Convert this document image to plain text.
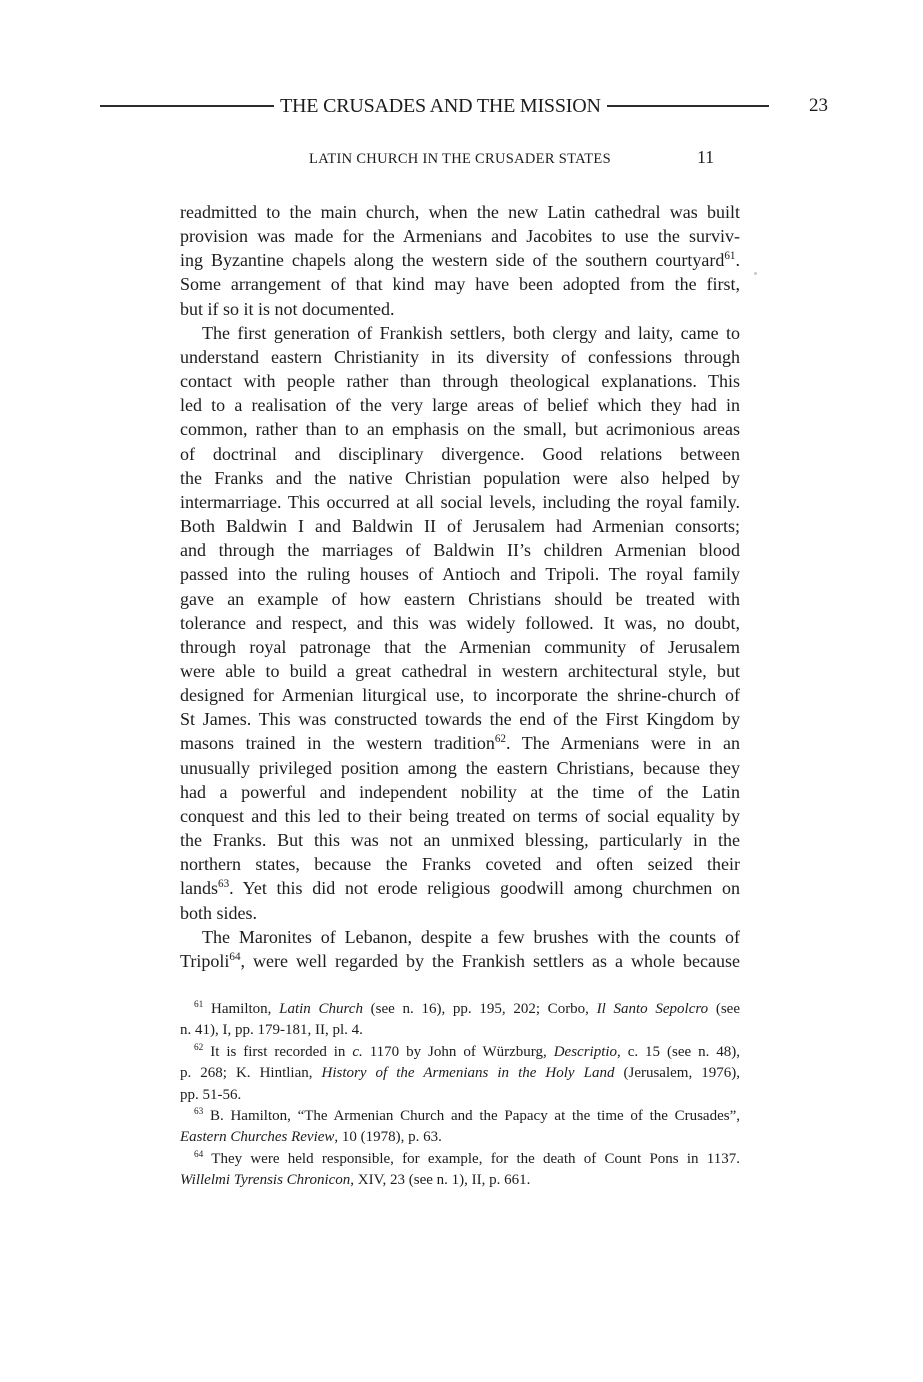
THE CRUSADES AND THE MISSION	23
LATIN CHURCH IN THE CRUSADER STATES	11
readmitted to the main church, when the new Latin cathedral was built
provision was made for the Armenians and Jacobites to use the surviv-
ing Byzantine chapels along the western side of the southern courtyard$^{61}$.
Some arrangement of that kind may have been adopted from the first,
but if so it is not documented.
The first generation of Frankish settlers, both clergy and laity, came to
understand eastern Christianity in its diversity of confessions through
contact with people rather than through theological explanations. This
led to a realisation of the very large areas of belief which they had in
common, rather than to an emphasis on the small, but acrimonious areas
of doctrinal and disciplinary divergence. Good relations between
the Franks and the native Christian population were also helped by
intermarriage. This occurred at all social levels, including the royal family.
Both Baldwin I and Baldwin II of Jerusalem had Armenian consorts;
and through the marriages of Baldwin II’s children Armenian blood
passed into the ruling houses of Antioch and Tripoli. The royal family
gave an example of how eastern Christians should be treated with
tolerance and respect, and this was widely followed. It was, no doubt,
through royal patronage that the Armenian community of Jerusalem
were able to build a great cathedral in western architectural style, but
designed for Armenian liturgical use, to incorporate the shrine-church of
St James. This was constructed towards the end of the First Kingdom by
masons trained in the western tradition$^{62}$. The Armenians were in an
unusually privileged position among the eastern Christians, because they
had a powerful and independent nobility at the time of the Latin
conquest and this led to their being treated on terms of social equality by
the Franks. But this was not an unmixed blessing, particularly in the
northern states, because the Franks coveted and often seized their
lands$^{63}$. Yet this did not erode religious goodwill among churchmen on
both sides.
The Maronites of Lebanon, despite a few brushes with the counts of
Tripoli$^{64}$, were well regarded by the Frankish settlers as a whole because
$^{61}$ Hamilton, Latin Church (see n. 16), pp. 195, 202; Corbo, Il Santo Sepolcro (see
n. 41), I, pp. 179-181, II, pl. 4.
$^{62}$ It is first recorded in c. 1170 by John of Würzburg, Descriptio, c. 15 (see n. 48),
p. 268; K. Hintlian, History of the Armenians in the Holy Land (Jerusalem, 1976),
pp. 51-56.
$^{63}$ B. Hamilton, “The Armenian Church and the Papacy at the time of the Crusades”,
Eastern Churches Review, 10 (1978), p. 63.
$^{64}$ They were held responsible, for example, for the death of Count Pons in 1137.
Willelmi Tyrensis Chronicon, XIV, 23 (see n. 1), II, p. 661.
